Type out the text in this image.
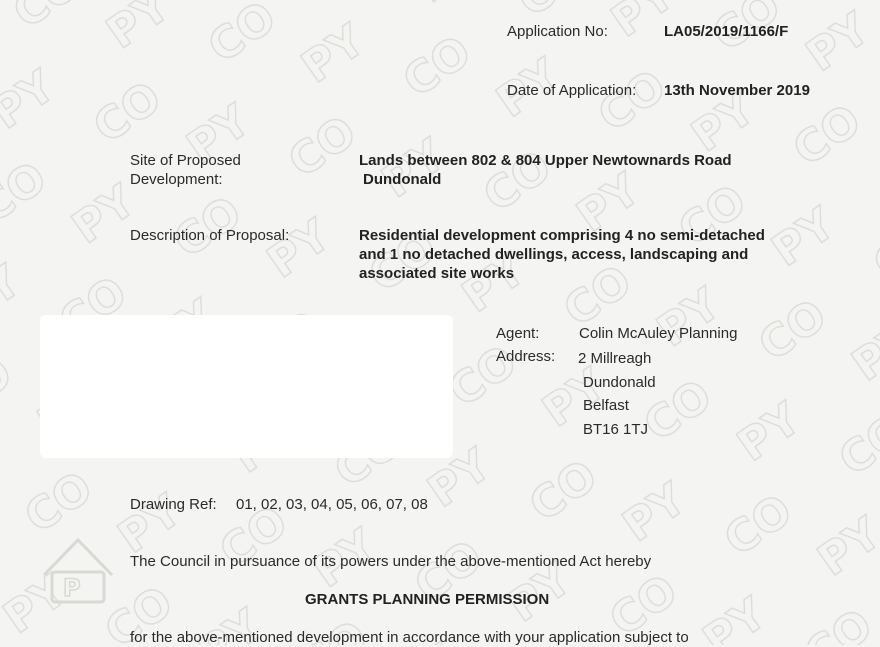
P
Application No:	LA05/2019/1166/F
Date of Application: 13th November 2019
Site of Proposed
Development:
Lands between 802 & 804 Upper Newtownards Road
Dundonald
Description of Proposal:	Residential development comprising 4 no semi-detached
and 1 no detached dwellings, access, landscaping and
associated site works
Agent:	Colin McAuley Planning
Address: 2 Millreagh
Dundonald
Belfast
BT16 1TJ
Drawing Ref: 01, 02, 03, 04, 05, 06, 07, 08
The Council in pursuance of its powers under the above-mentioned Act hereby
GRANTS PLANNING PERMISSION
for the above-mentioned development in accordance with your application subject to
